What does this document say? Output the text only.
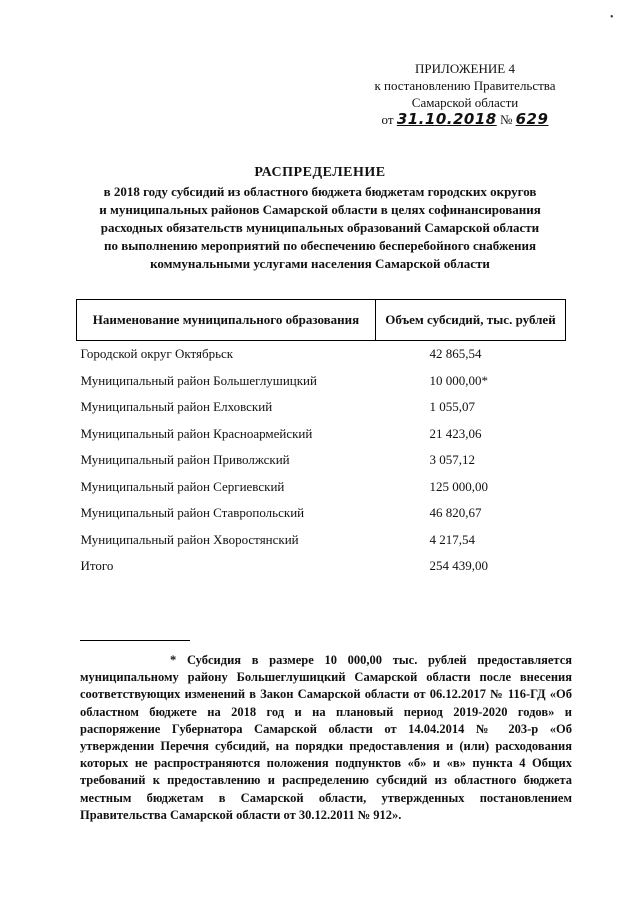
•
ПРИЛОЖЕНИЕ 4
к постановлению Правительства
Самарской области
от 31.10.2018 № 629
РАСПРЕДЕЛЕНИЕ
в 2018 году субсидий из областного бюджета бюджетам городских округов
и муниципальных районов Самарской области в целях софинансирования
расходных обязательств муниципальных образований Самарской области
по выполнению мероприятий по обеспечению бесперебойного снабжения
коммунальными услугами населения Самарской области
Наименование муниципального образования	Объем субсидий, тыс. рублей
Городской округ Октябрьск	42 865,54
Муниципальный район Большеглушицкий	10 000,00*
Муниципальный район Елховский	1 055,07
Муниципальный район Красноармейский	21 423,06
Муниципальный район Приволжский	3 057,12
Муниципальный район Сергиевский	125 000,00
Муниципальный район Ставропольский	46 820,67
Муниципальный район Хворостянский	4 217,54
Итого	254 439,00
* Субсидия в размере 10 000,00 тыс. рублей предоставляется муниципальному району Большеглушицкий Самарской области после внесения соответствующих изменений в Закон Самарской области от 06.12.2017 № 116-ГД «Об областном бюджете на 2018 год и на плановый период 2019-2020 годов» и распоряжение Губернатора Самарской области от 14.04.2014 № 203-р «Об утверждении Перечня субсидий, на порядки предоставления и (или) расходования которых не распространяются положения подпунктов «б» и «в» пункта 4 Общих требований к предоставлению и распределению субсидий из областного бюджета местным бюджетам в Самарской области, утвержденных постановлением Правительства Самарской области от 30.12.2011 № 912».
